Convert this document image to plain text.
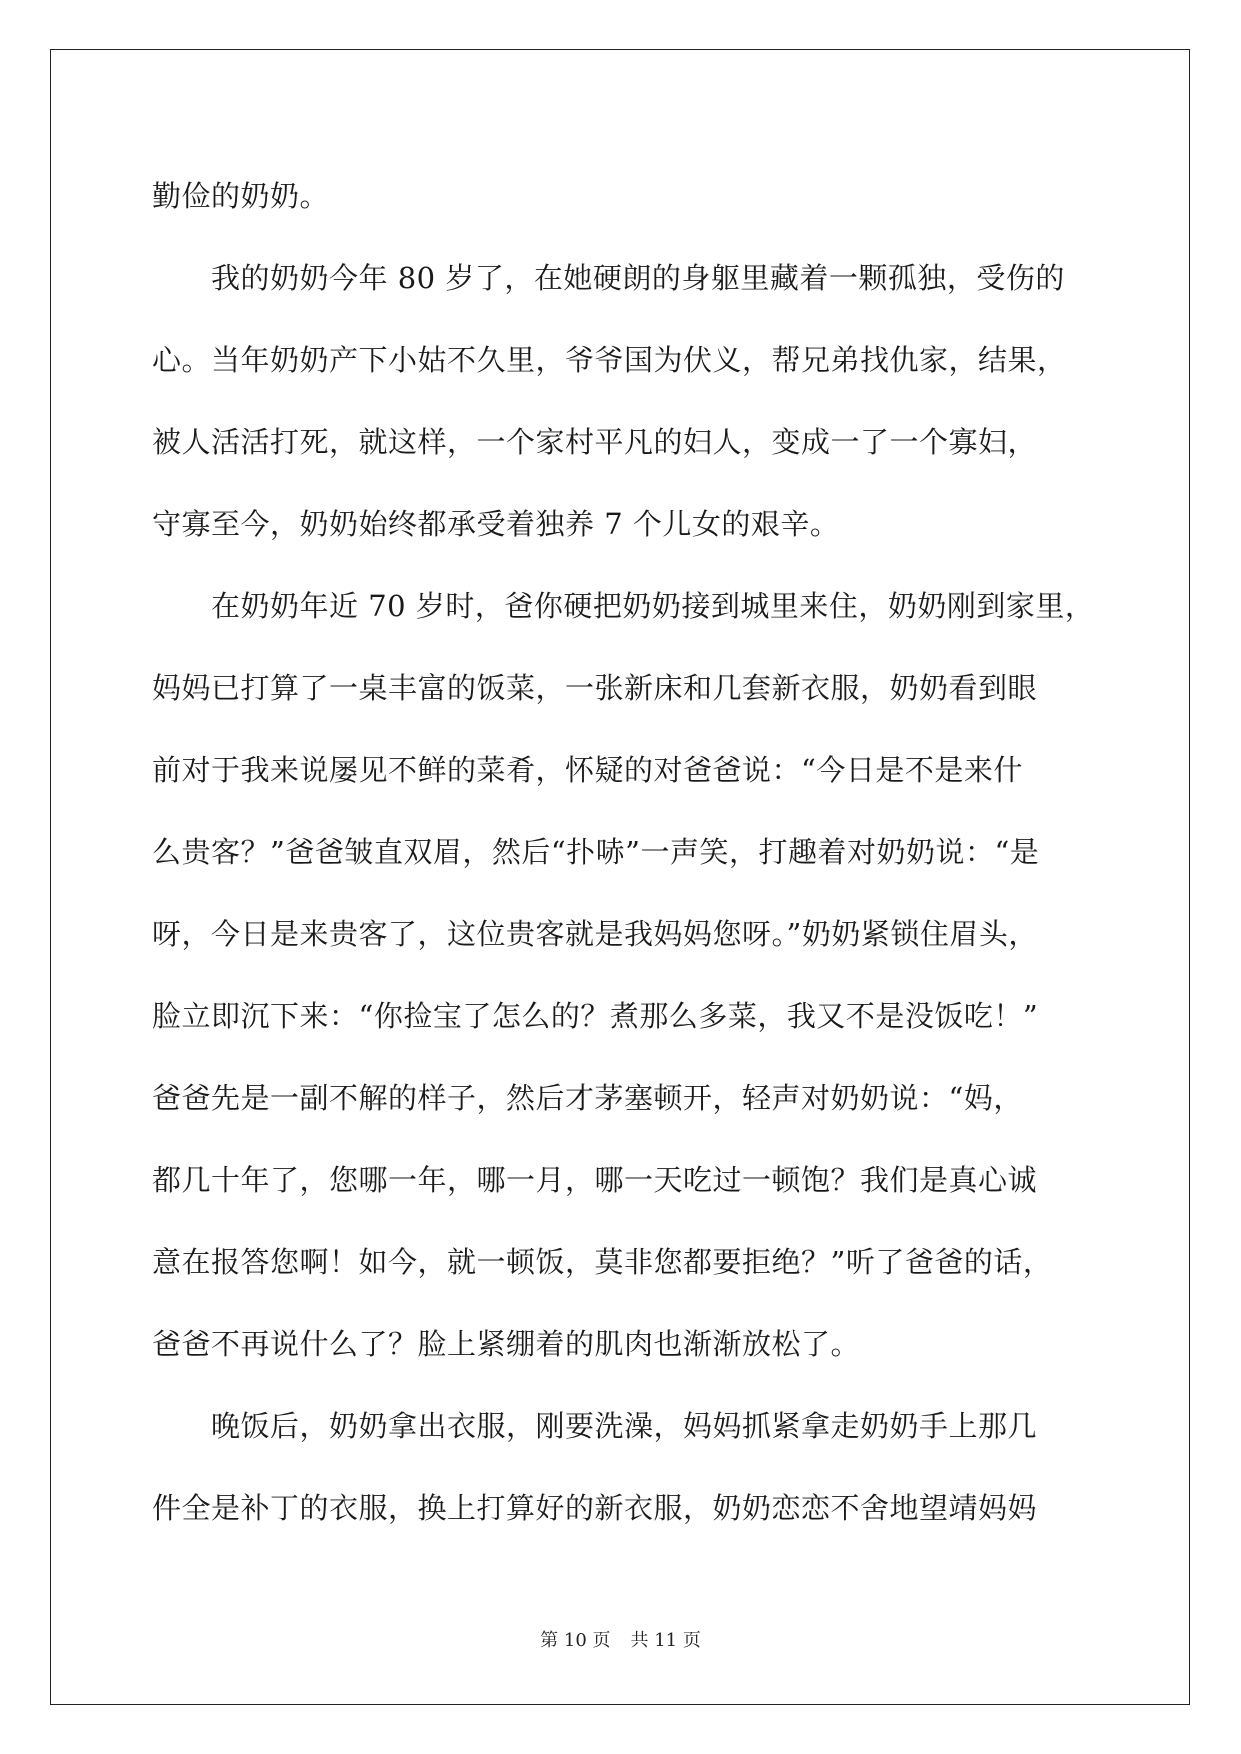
勤俭的奶奶。
　　我的奶奶今年 80 岁了，在她硬朗的身躯里藏着一颗孤独，受伤的
心。当年奶奶产下小姑不久里，爷爷国为伏义，帮兄弟找仇家，结果，
被人活活打死，就这样，一个家村平凡的妇人，变成一了一个寡妇，
守寡至今，奶奶始终都承受着独养 7 个儿女的艰辛。
　　在奶奶年近 70 岁时，爸你硬把奶奶接到城里来住，奶奶刚到家里，
妈妈已打算了一桌丰富的饭菜，一张新床和几套新衣服，奶奶看到眼
前对于我来说屡见不鲜的菜肴，怀疑的对爸爸说：“今日是不是来什
么贵客？”爸爸皱直双眉，然后“扑哧”一声笑，打趣着对奶奶说：“是
呀，今日是来贵客了，这位贵客就是我妈妈您呀。”奶奶紧锁住眉头，
脸立即沉下来：“你捡宝了怎么的？煮那么多菜，我又不是没饭吃！”
爸爸先是一副不解的样子，然后才茅塞顿开，轻声对奶奶说：“妈，
都几十年了，您哪一年，哪一月，哪一天吃过一顿饱？我们是真心诚
意在报答您啊！如今，就一顿饭，莫非您都要拒绝？”听了爸爸的话，
爸爸不再说什么了？脸上紧绷着的肌肉也渐渐放松了。
　　晚饭后，奶奶拿出衣服，刚要洗澡，妈妈抓紧拿走奶奶手上那几
件全是补丁的衣服，换上打算好的新衣服，奶奶恋恋不舍地望靖妈妈
第 10 页 共 11 页
